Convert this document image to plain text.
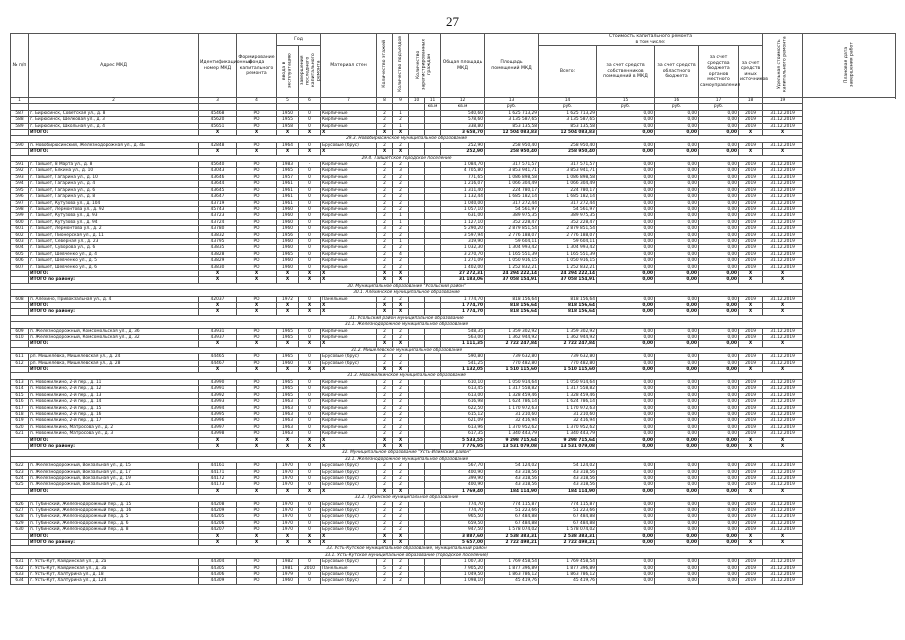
27
№ п/п	Адрес МКД	Идентификационный номер МКД	Формирование фонда капитального ремонта	Год		Материал стен	Количество этажей	Количество подъездов	Количество зарегистрированных граждан		Общая площадь МКД	Площадь помещений МКД	Стоимость капитального ремонта
в том числе:					Удельная стоимость капитального ремонта	Плановая дата завершения работ
				ввода в эксплуатацию	завершения последнего капитального ремонта								Всего:	за счет средств собственников помещений в МКД	за счет средств областного бюджета	за счет средства бюджета органов местного самоуправления	за счет средств иных источников		

1	2	3	4	5	6	7	8	9	10	11	12	13	14	15	16	17	18	19	
										кв.м	кв.м	руб.	руб.	руб.	руб.	руб.			
587	г. Бирюсинск, Советская ул., д. 8	45468	РО	1950	0	Кирпичные	2	1			540,60	1 625 713,29	1 625 713,29	0,00	0,00	0,00	2019	31.12.2019	
588	г. Бирюсинск, Шелковая ул., д. 3	45620	РО	1955	0	Кирпичные	2	2			578,60	3 135 587,65	3 135 587,65	0,00	0,00	0,00	2019	31.12.2019	
589	г. Бирюсинск, Школьная ул., д. 4	45651	РО	1958	0	Кирпичные	2	1			338,80	853 135,58	853 135,58	0,00	0,00	0,00	2019	31.12.2019	
	ИТОГО:	X	X	X	X	X	X	X			3 658,70	12 504 083,83	12 504 083,83	0,00	0,00	0,00	X	X	
29.3. Новобирюсинское муниципальное образование																			
590	п. Новобирюсинский, Железнодорожная ул., д. 4Б	42848	РО	1964	0	Брусовые (брус)	2	2			252,90	258 950,40	258 950,40	0,00	0,00	0,00	2019	31.12.2019	
	ИТОГО:	X	X	X	X	X	X	X			252,90	258 950,40	258 950,40	0,00	0,00	0,00	X	X	
29.4. Тайшетское городское поселение																			
591	г. Тайшет, 8 Марта ул., д. 8	45640	РО	1983	-	Кирпичные	2	2			1 084,70	317 571,57	317 571,57	0,00	0,00	0,00	2019	31.12.2019	
592	г. Тайшет, Ёлкина ул., д. 10	43043	РО	1965	0	Кирпичные	2	3			4 705,80	3 853 941,71	3 853 941,71	0,00	0,00	0,00	2019	31.12.2019	
593	г. Тайшет, Гагарина ул., д. 10	43646	РО	1957	0	Кирпичные	2	2			771,65	1 086 898,58	1 086 898,58	0,00	0,00	0,00	2019	31.12.2019	
594	г. Тайшет, Гагарина ул., д. 4	43644	РО	1961	0	Кирпичные	2	2			1 216,07	1 066 304,49	1 066 304,49	0,00	0,00	0,00	2019	31.12.2019	
595	г. Тайшет, Гагарина ул., д. 6	43645	РО	1961	0	Кирпичные	2	2			1 311,40	224 780,17	224 780,17	0,00	0,00	0,00	2019	31.12.2019	
596	г. Тайшет, Гагарина ул., д. 8	43647	РО	1961	0	Кирпичные	2	2			1 132,44	1 685 182,14	1 685 182,14	0,00	0,00	0,00	2019	31.12.2019	
597	г. Тайшет, Кутузова ул., д. 104	43719	РО	1961	0	Кирпичные	2	2			1 040,00	317 272,44	317 272,44	0,00	0,00	0,00	2019	31.12.2019	
598	г. Тайшет, Лермонтова ул., д. 92	45743	РО	1960	0	Кирпичные	2	2			1 057,10	54 561,97	54 561,97	0,00	0,00	0,00	2019	31.12.2019	
599	г. Тайшет, Кутузова ул., д. 93	43723	РО	1960	0	Кирпичные	2	1			631,00	389 975,35	389 975,35	0,00	0,00	0,00	2019	31.12.2019	
600	г. Тайшет, Кутузова ул., д. 94	43724	РО	1960	0	Кирпичные	2	1			1 127,10	352 228,47	352 228,47	0,00	0,00	0,00	2019	31.12.2019	
601	г. Тайшет, Лермонтова ул., д. 2	43780	РО	1960	0	Кирпичные	3	2			5 290,20	2 879 851,54	2 879 851,54	0,00	0,00	0,00	2019	31.12.2019	
602	г. Тайшет, Пионерская ул., д. 11	43832	РО	1956	0	Кирпичные	2	2			3 597,94	2 776 188,07	2 776 188,07	0,00	0,00	0,00	2019	31.12.2019	
603	г. Тайшет, Северная ул., д. 23	43795	РО	1960	0	Кирпичные	2	1			319,90	59 604,11	59 604,11	0,00	0,00	0,00	2019	31.12.2019	
604	г. Тайшет, Суворова ул., д. 6	43835	РО	1960	0	Кирпичные	2	2			1 032,30	1 304 993,42	1 304 993,42	0,00	0,00	0,00	2019	31.12.2019	
605	г. Тайшет, Шевченко ул., д. 4	43828	РО	1965	0	Кирпичные	2	4			3 270,70	1 165 551,39	1 165 551,39	0,00	0,00	0,00	2019	31.12.2019	
606	г. Тайшет, Шевченко ул., д. 5	43829	РО	1960	0	Кирпичные	2	2			1 271,09	1 050 916,15	1 050 916,15	0,00	0,00	0,00	2019	31.12.2019	
607	г. Тайшет, Шевченко ул., д. 6	43830	РО	1960	0	Кирпичные	2	2			1 402,00	1 252 832,21	1 252 832,21	0,00	0,00	0,00	2019	31.12.2019	
	ИТОГО:	X	X	X	X	X	X	X			27 272,31	24 294 222,14	24 294 222,14	0,00	0,00	0,00	X	X	
	ИТОГО по району:	X	X	X	X	X	X	X			31 183,06	37 058 154,91	37 058 154,91	0,00	0,00	0,00	X	X	
30. Муниципальное образование "Усольский район"																			
30.1. Алёхинское муниципальное образование																			
608	п. Алёхино, Привокзальная ул., д. 4	42037	РО	1972	0	Панельные	2	2			1 774,70	818 156,64	818 156,64	0,00	0,00	0,00	2019	31.12.2019	
	ИТОГО:	X	X	X	X	X	X	X			1 774,70	818 156,64	818 156,64	0,00	0,00	0,00	X	X	
	ИТОГО по району:	X	X	X	X	X	X	X			1 774,70	818 156,64	818 156,64	0,00	0,00	0,00	X	X	
31. Усольский район муниципальное образование																			
31.1. Железнодорожное муниципальное образование																			
609	п. Железнодорожный, Комсомольская ул., д. 36	43931	РО	1965	0	Кирпичные	2	2			548,35	1 359 302,92	1 359 302,92	0,00	0,00	0,00	2019	31.12.2019	
610	п. Железнодорожный, Комсомольская ул., д. 32	43937	РО	1965	0	Кирпичные	2	2			563,00	1 362 944,92	1 362 944,92	0,00	0,00	0,00	2019	31.12.2019	
	ИТОГО:	X	X	X	X	X	X	X			1 111,35	2 722 247,84	2 722 247,84	0,00	0,00	0,00	X	X	
31.2. Мишелевское муниципальное образование																			
611	рп. Мишелёвка, Мишелевская ул., д. 24	44465	РО	1965	0	Брусовые (брус)	2	2			590,80	739 632,80	739 632,80	0,00	0,00	0,00	2019	31.12.2019	
612	рп. Мишелёвка, Мишелевская ул., д. 28	44467	РО	1960	0	Брусовые (брус)	2	2			541,25	770 482,80	770 482,80	0,00	0,00	0,00	2019	31.12.2019	
	ИТОГО:	X	X	X	X	X	X	X			1 132,05	1 510 115,60	1 510 115,60	0,00	0,00	0,00	X	X	
31.3. Новожилкинское муниципальное образование																			
613	п. Новожилкино, 2-й пер., д. 11	43990	РО	1965	0	Кирпичные	2	2			610,10	1 050 914,64	1 050 914,64	0,00	0,00	0,00	2019	31.12.2019	
614	п. Новожилкино, 2-й пер., д. 12	43991	РО	1965	0	Кирпичные	2	2			613,45	1 317 558,82	1 317 558,82	0,00	0,00	0,00	2019	31.12.2019	
615	п. Новожилкино, 2-й пер., д. 13	43992	РО	1965	0	Кирпичные	2	2			613,00	1 328 459,46	1 328 459,46	0,00	0,00	0,00	2019	31.12.2019	
616	п. Новожилкино, 2-й пер., д. 14	43993	РО	1963	0	Кирпичные	2	2			616,98	1 624 786,14	1 624 786,14	0,00	0,00	0,00	2019	31.12.2019	
617	п. Новожилкино, 2-й пер., д. 15	43994	РО	1963	0	Кирпичные	2	2			622,50	1 170 972,63	1 170 972,63	0,00	0,00	0,00	2019	31.12.2019	
618	п. Новожилкино, 2-й пер., д. 16	43995	РО	1963	0	Кирпичные	2	2			615,12	31 210,60	31 210,60	0,00	0,00	0,00	2019	31.12.2019	
619	п. Новожилкино, 2-й пер., д. 17	43996	РО	1963	0	Кирпичные	2	2			621,09	32 416,94	32 416,94	0,00	0,00	0,00	2019	31.12.2019	
620	п. Новожилкино, Матросова ул., д. 2	43997	РО	1963	0	Кирпичные	2	2			613,96	1 370 952,62	1 370 952,62	0,00	0,00	0,00	2019	31.12.2019	
621	п. Новожилкино, Матросова ул., д. 3	43998	РО	1963	0	Кирпичные	2	2			617,35	1 340 443,79	1 340 443,79	0,00	0,00	0,00	2019	31.12.2019	
	ИТОГО:	X	X	X	X	X	X	X			5 533,55	9 298 715,64	9 298 715,64	0,00	0,00	0,00	X	X	
	ИТОГО по району:	X	X	X	X	X	X	X			7 776,95	13 531 079,08	13 531 079,08	0,00	0,00	0,00	X	X	
32. Муниципальное образование "Усть-Илимский район"																			
32.1. Железнодорожное муниципальное образование																			
622	п. Железнодорожный, Вокзальная ул., д. 15	44161	РО	1970	0	Брусовые (брус)	2	2			567,70	54 124,02	54 124,02	0,00	0,00	0,00	2019	31.12.2019	
623	п. Железнодорожный, Вокзальная ул., д. 17	44171	РО	1970	0	Брусовые (брус)	2	2			400,90	43 318,56	43 318,56	0,00	0,00	0,00	2019	31.12.2019	
624	п. Железнодорожный, Вокзальная ул., д. 19	44172	РО	1970	0	Брусовые (брус)	2	2			399,90	43 318,56	43 318,56	0,00	0,00	0,00	2019	31.12.2019	
625	п. Железнодорожный, Вокзальная ул., д. 21	44173	РО	1970	0	Брусовые (брус)	2	2			400,90	43 318,56	43 318,56	0,00	0,00	0,00	2019	31.12.2019	
	ИТОГО:	X	X	X	X	X	X	X			1 769,40	184 114,90	184 114,90	0,00	0,00	0,00	X	X	
32.2. Тубинское муниципальное образование																			
626	п. Тубинский, Железнодорожный пер., д. 15	44208	РО	1970	0	Брусовые (брус)	2	2			774,70	774 115,87	774 115,87	0,00	0,00	0,00	2019	31.12.2019	
627	п. Тубинский, Железнодорожный пер., д. 16	44209	РО	1970	0	Брусовые (брус)	2	2			774,70	51 223,66	51 223,66	0,00	0,00	0,00	2019	31.12.2019	
628	п. Тубинский, Железнодорожный пер., д. 5	44205	РО	1970	0	Брусовые (брус)	2	2			965,50	67 484,88	67 484,88	0,00	0,00	0,00	2019	31.12.2019	
629	п. Тубинский, Железнодорожный пер., д. 6	44206	РО	1970	0	Брусовые (брус)	2	2			659,50	67 484,88	67 484,88	0,00	0,00	0,00	2019	31.12.2019	
630	п. Тубинский, Железнодорожный пер., д. 8	44207	РО	1970	0	Брусовые (брус)	2	2			947,50	1 578 074,02	1 578 074,02	0,00	0,00	0,00	2019	31.12.2019	
	ИТОГО:	X	X	X	X	X	X	X			3 887,60	2 538 383,31	2 538 383,31	0,00	0,00	0,00	X	X	
	ИТОГО по району:	X	X	X	X	X	X	X			5 657,00	2 722 498,21	2 722 498,21	0,00	0,00	0,00	X	X	
33. Усть-Кутское муниципальное образование, муниципальный район																			
33.1. Усть-Кутское муниципальное образование (городское поселение)																			
631	г. Усть-Кут, Кайдинская ул., д. 2а	44304	РО	1982	0	Брусовые (брус)	2	2			1 007,30	1 769 458,54	1 769 458,54	0,00	0,00	0,00	2019	31.12.2019	
632	г. Усть-Кут, Кайдинская ул., д. 3а	44305	РО	1981	2010	Панельные	5	2			7 905,20	1 877 396,89	1 877 396,89	0,00	0,00	0,00	2019	31.12.2019	
633	г. Усть-Кут, Халтурина ул., д. 18	44306	РО	1979	0	Брусовые (брус)	2	2			1 049,50	1 863 786,12	1 863 786,12	0,00	0,00	0,00	2019	31.12.2019	
634	г. Усть-Кут, Халтурина ул., д. 124	44309	РО	1960	0	Брусовые (брус)	2	2			1 098,10	45 419,76	45 419,76	0,00	0,00	0,00	2019	31.12.2019	
